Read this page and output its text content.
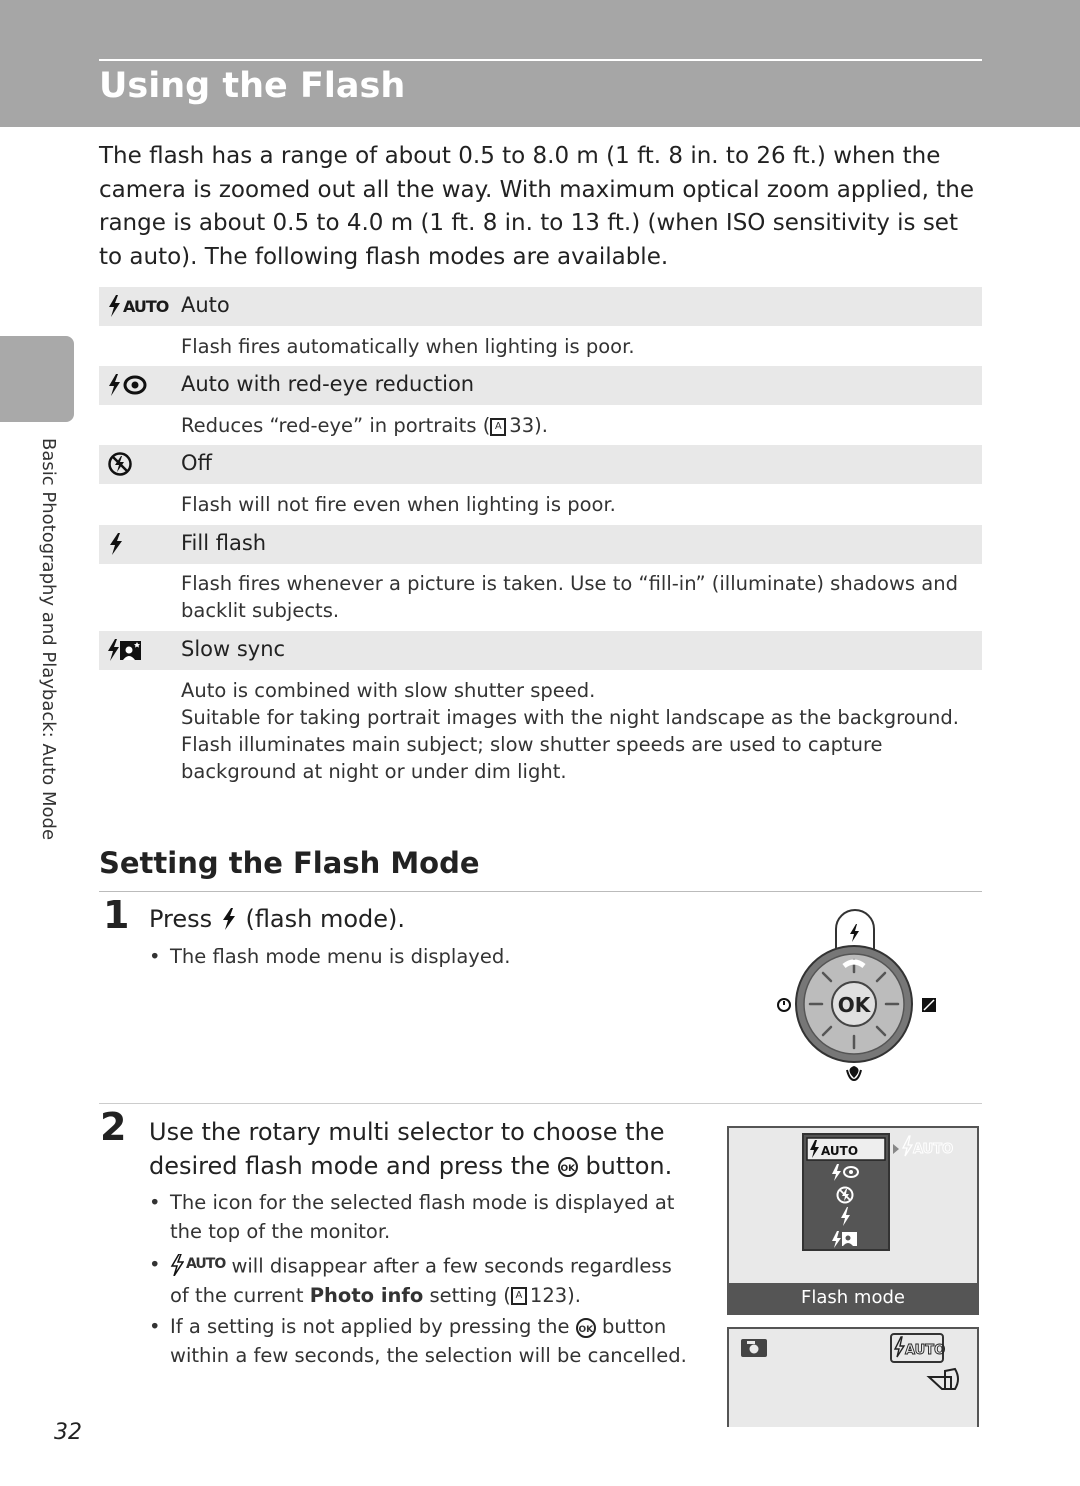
Using the Flash
Basic Photography and Playback: Auto Mode
The flash has a range of about 0.5 to 8.0 m (1 ft. 8 in. to 26 ft.) when the camera is zoomed out all the way. With maximum optical zoom applied, the range is about 0.5 to 4.0 m (1 ft. 8 in. to 13 ft.) (when ISO sensitivity is set to auto). The following flash modes are available.
AUTO Auto
Flash fires automatically when lighting is poor.
Auto with red-eye reduction
Reduces “red-eye” in portraits ( A 33).
Off
Flash will not fire even when lighting is poor.
Fill flash
Flash fires whenever a picture is taken. Use to “fill-in” (illuminate) shadows and backlit subjects.
Slow sync
Auto is combined with slow shutter speed.
Suitable for taking portrait images with the night landscape as the background.
Flash illuminates main subject; slow shutter speeds are used to capture background at night or under dim light.
Setting the Flash Mode
1 Press (flash mode).
• The flash mode menu is displayed.
OK
2 Use the rotary multi selector to choose the
desired flash mode and press the OK button.
• The icon for the selected flash mode is displayed at the top of the monitor.
• AUTO will disappear after a few seconds regardless of the current Photo info setting ( A 123).
• If a setting is not applied by pressing the OK button within a few seconds, the selection will be cancelled.
AUTO	AUTO
Flash mode
AUTO
32
